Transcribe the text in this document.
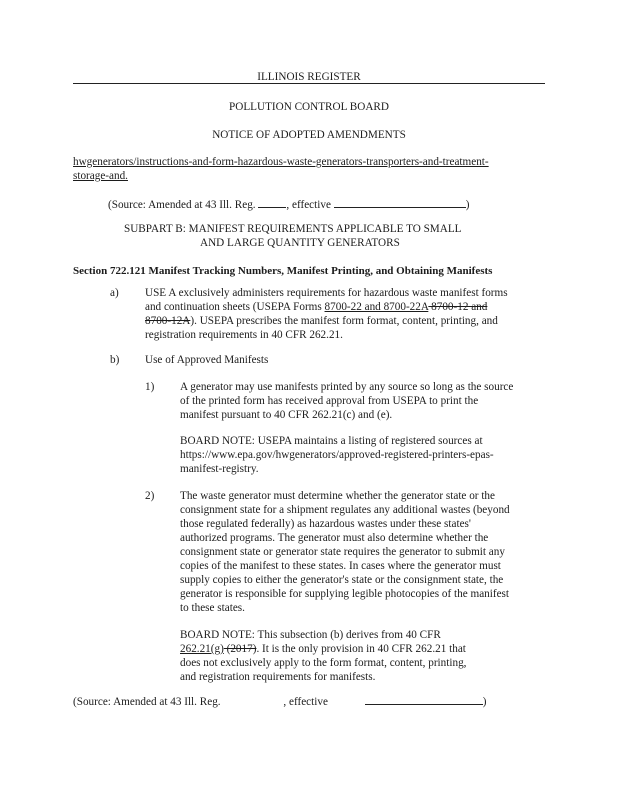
ILLINOIS REGISTER
POLLUTION CONTROL BOARD
NOTICE OF ADOPTED AMENDMENTS
hwgenerators/instructions-and-form-hazardous-waste-generators-transporters-and-treatment-
storage-and.
(Source: Amended at 43 Ill. Reg.	, effective	)
SUBPART B: MANIFEST REQUIREMENTS APPLICABLE TO SMALL
AND LARGE QUANTITY GENERATORS
Section 722.121 Manifest Tracking Numbers, Manifest Printing, and Obtaining Manifests
a) USE A exclusively administers requirements for hazardous waste manifest forms
and continuation sheets (USEPA Forms 8700-22 and 8700-22A 8700-12 and
8700-12A). USEPA prescribes the manifest form format, content, printing, and
registration requirements in 40 CFR 262.21.
b) Use of Approved Manifests
1) A generator may use manifests printed by any source so long as the source
of the printed form has received approval from USEPA to print the
manifest pursuant to 40 CFR 262.21(c) and (e).
BOARD NOTE: USEPA maintains a listing of registered sources at
https://www.epa.gov/hwgenerators/approved-registered-printers-epas-
manifest-registry.
2) The waste generator must determine whether the generator state or the
consignment state for a shipment regulates any additional wastes (beyond
those regulated federally) as hazardous wastes under these states'
authorized programs. The generator must also determine whether the
consignment state or generator state requires the generator to submit any
copies of the manifest to these states. In cases where the generator must
supply copies to either the generator's state or the consignment state, the
generator is responsible for supplying legible photocopies of the manifest
to these states.
BOARD NOTE: This subsection (b) derives from 40 CFR
262.21(g) (2017). It is the only provision in 40 CFR 262.21 that
does not exclusively apply to the form format, content, printing,
and registration requirements for manifests.
(Source: Amended at 43 Ill. Reg.	, effective	)
